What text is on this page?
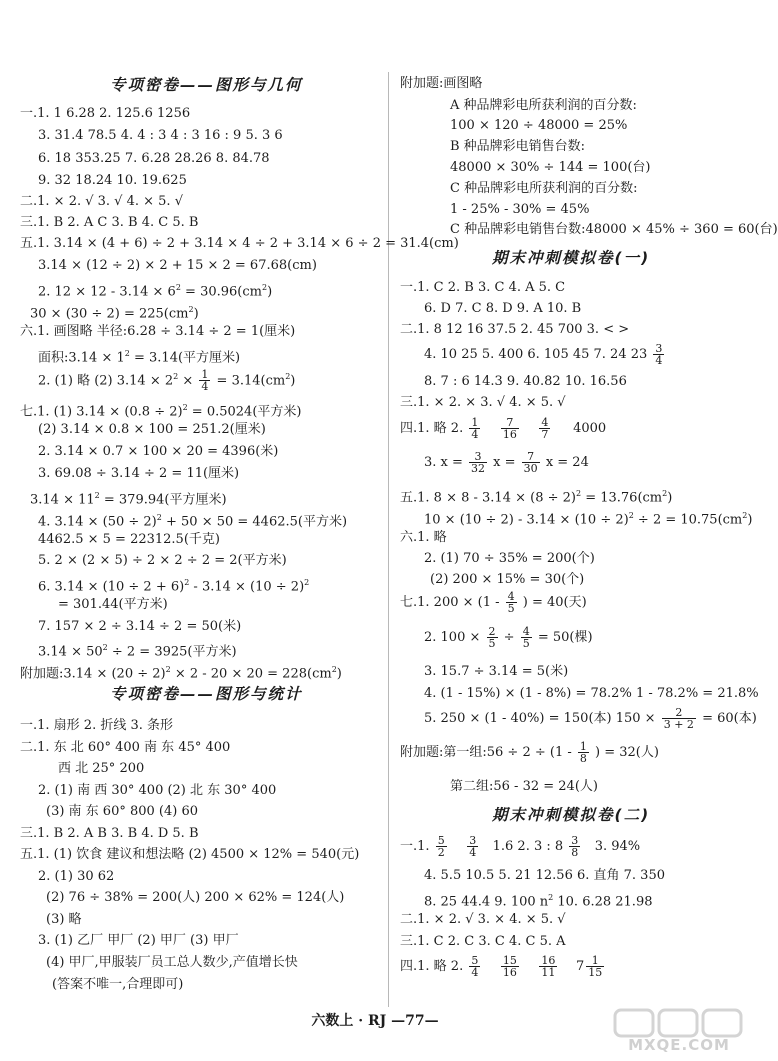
专项密卷——图形与几何
一.1. 1 6.28 2. 125.6 1256
3. 31.4 78.5 4. 4 : 3 4 : 3 16 : 9 5. 3 6
6. 18 353.25 7. 6.28 28.26 8. 84.78
9. 32 18.24 10. 19.625
二.1. × 2. √ 3. √ 4. × 5. √
三.1. B 2. A C 3. B 4. C 5. B
五.1. 3.14 × (4 + 6) ÷ 2 + 3.14 × 4 ÷ 2 + 3.14 × 6 ÷ 2 = 31.4(cm)
3.14 × (12 ÷ 2) × 2 + 15 × 2 = 67.68(cm)
2. $12 \times 12 - 3.14 \times 6^2 = 30.96(cm^2)$
$30 \times (30 \div 2) = 225(cm^2)$
六.1. 画图略 半径:6.28 ÷ 3.14 ÷ 2 = 1(厘米)
面积:3.14 × $1^2 = 3.14$(平方厘米)
2. (1) 略 (2) $3.14 \times 2^2 \times \frac{1}{4} = 3.14(cm^2)$
七.1. (1) $3.14 \times (0.8 \div 2)^2 = 0.5024$(平方米)
(2) 3.14 × 0.8 × 100 = 251.2(厘米)
2. 3.14 × 0.7 × 100 × 20 = 4396(米)
3. 69.08 ÷ 3.14 ÷ 2 = 11(厘米)
$3.14 \times 11^2 = 379.94$(平方厘米)
4. $3.14 \times (50 \div 2)^2 + 50 \times 50 = 4462.5$(平方米)
4462.5 × 5 = 22312.5(千克)
5. 2 × (2 × 5) ÷ 2 × 2 ÷ 2 = 2(平方米)
6. $3.14 \times (10 \div 2 + 6)^2 - 3.14 \times (10 \div 2)^2$
= 301.44(平方米)
7. 157 × 2 ÷ 3.14 ÷ 2 = 50(米)
$3.14 \times 50^2 \div 2 = 3925$(平方米)
附加题:3.14 × $(20 \div 2)^2 \times 2 - 20 \times 20 = 228(cm^2)$
专项密卷——图形与统计
一.1. 扇形 2. 折线 3. 条形
二.1. 东 北 60° 400 南 东 45° 400
西 北 25° 200
2. (1) 南 西 30° 400 (2) 北 东 30° 400
(3) 南 东 60° 800 (4) 60
三.1. B 2. A B 3. B 4. D 5. B
五.1. (1) 饮食 建议和想法略 (2) 4500 × 12% = 540(元)
2. (1) 30 62
(2) 76 ÷ 38% = 200(人) 200 × 62% = 124(人)
(3) 略
3. (1) 乙厂 甲厂 (2) 甲厂 (3) 甲厂
(4) 甲厂,甲服装厂员工总人数少,产值增长快
(答案不唯一,合理即可)
附加题:画图略
A 种品牌彩电所获利润的百分数:
100 × 120 ÷ 48000 = 25%
B 种品牌彩电销售台数:
48000 × 30% ÷ 144 = 100(台)
C 种品牌彩电所获利润的百分数:
1 - 25% - 30% = 45%
C 种品牌彩电销售台数:48000 × 45% ÷ 360 = 60(台)
期末冲刺模拟卷(一)
一.1. C 2. B 3. C 4. A 5. C
6. D 7. C 8. D 9. A 10. B
二.1. 8 12 16 37.5 2. 45 700 3. < >
4. 10 25 5. 400 6. 105 45 7. 24 $23 \frac{3}{4}$
8. 7 : 6 14.3 9. 40.82 10. 16.56
三.1. × 2. × 3. √ 4. × 5. √
四.1. 略 2. $\frac{1}{4}$
$\frac{7}{16}$
$\frac{4}{7} 4000$
3. $x = \frac{3}{32}$ $x = \frac{7}{30}$ x = 24
五.1. $8 \times 8 - 3.14 \times (8 \div 2)^2 = 13.76(cm^2)$
$10 \times (10 \div 2) - 3.14 \times (10 \div 2)^2 \div 2 = 10.75(cm^2)$
六.1. 略
2. (1) 70 ÷ 35% = 200(个)
(2) 200 × 15% = 30(个)
七.1. $200 \times (1 - \frac{4}{5}$ ) = 40(天)
2. $100 \times \frac{2}{5} \div \frac{4}{5} = 50$(棵)
3. 15.7 ÷ 3.14 = 5(米)
4. (1 - 15%) × (1 - 8%) = 78.2% 1 - 78.2% = 21.8%
5. 250 × (1 - 40%) = 150(本) $150 \times \frac{2}{3 + 2} = 60$(本)
附加题:第一组:56 ÷ $2 \div (1 - \frac{1}{8}$ ) = 32(人)
第二组:56 - 32 = 24(人)
期末冲刺模拟卷(二)
一.1. $\frac{5}{2}$
$\frac{3}{4} 1.6$ 2. 3 : $8 \frac{3}{8} 3$. 94%
4. 5.5 10.5 5. 21 12.56 6. 直角 7. 350
8. 25 44.4 9. 100 $n^2$ 10. 6.28 21.98
二.1. × 2. √ 3. × 4. × 5. √
三.1. C 2. C 3. C 4. C 5. A
四.1. 略 2. $\frac{5}{4}$
$\frac{15}{16}$
$\frac{16}{11} 7 \frac{1}{15}$
六数上 · RJ —77—
MXQE.COM
